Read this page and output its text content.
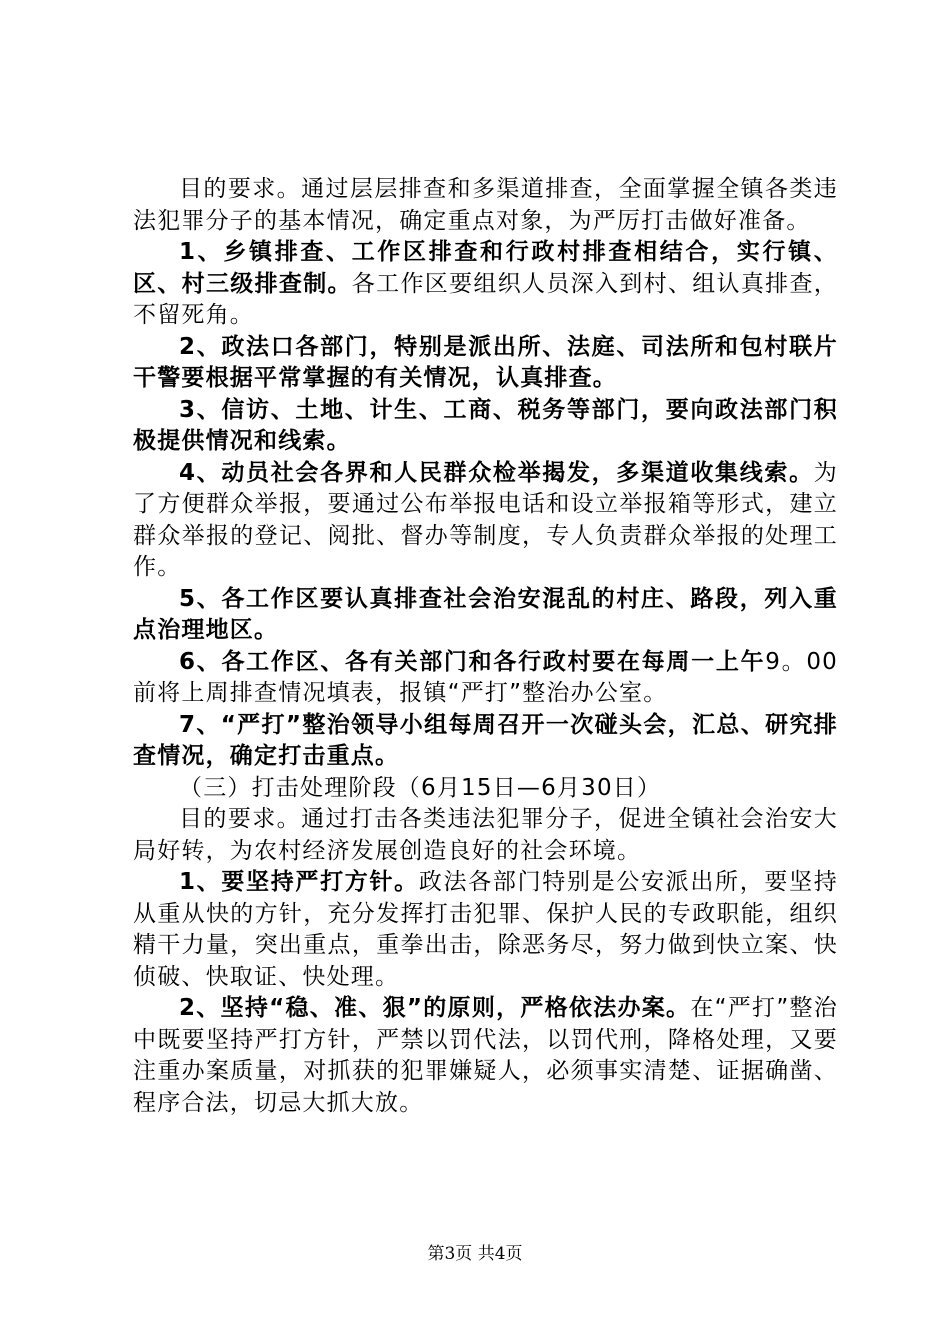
目的要求。通过层层排查和多渠道排查，全面掌握全镇各类违法犯罪分子的基本情况，确定重点对象，为严厉打击做好准备。

1、乡镇排查、工作区排查和行政村排查相结合，实行镇、区、村三级排查制。各工作区要组织人员深入到村、组认真排查，不留死角。

2、政法口各部门，特别是派出所、法庭、司法所和包村联片干警要根据平常掌握的有关情况，认真排查。

3、信访、土地、计生、工商、税务等部门，要向政法部门积极提供情况和线索。

4、动员社会各界和人民群众检举揭发，多渠道收集线索。为了方便群众举报，要通过公布举报电话和设立举报箱等形式，建立群众举报的登记、阅批、督办等制度，专人负责群众举报的处理工作。

5、各工作区要认真排查社会治安混乱的村庄、路段，列入重点治理地区。

6、各工作区、各有关部门和各行政村要在每周一上午9。00前将上周排查情况填表，报镇“严打”整治办公室。

7、“严打”整治领导小组每周召开一次碰头会，汇总、研究排查情况，确定打击重点。

（三）打击处理阶段（6月15日—6月30日）

目的要求。通过打击各类违法犯罪分子，促进全镇社会治安大局好转，为农村经济发展创造良好的社会环境。

1、要坚持严打方针。政法各部门特别是公安派出所，要坚持从重从快的方针，充分发挥打击犯罪、保护人民的专政职能，组织精干力量，突出重点，重拳出击，除恶务尽，努力做到快立案、快侦破、快取证、快处理。

2、坚持“稳、准、狠”的原则，严格依法办案。在“严打”整治中既要坚持严打方针，严禁以罚代法，以罚代刑，降格处理，又要注重办案质量，对抓获的犯罪嫌疑人，必须事实清楚、证据确凿、程序合法，切忌大抓大放。

第3页 共4页
